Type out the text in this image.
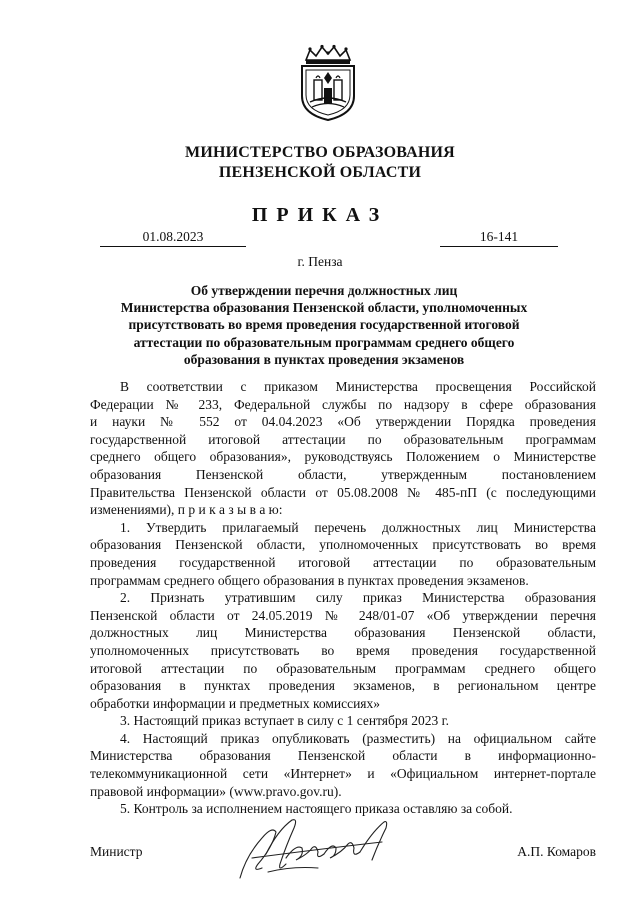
МИНИСТЕРСТВО ОБРАЗОВАНИЯ
ПЕНЗЕНСКОЙ ОБЛАСТИ
ПРИКАЗ
01.08.2023	16-141
г. Пенза
Об утверждении перечня должностных лиц
Министерства образования Пензенской области, уполномоченных
присутствовать во время проведения государственной итоговой
аттестации по образовательным программам среднего общего
образования в пунктах проведения экзаменов
В соответствии с приказом Министерства просвещения Российской
Федерации № 233, Федеральной службы по надзору в сфере образования
и науки № 552 от 04.04.2023 «Об утверждении Порядка проведения
государственной итоговой аттестации по образовательным программам
среднего общего образования», руководствуясь Положением о Министерстве
образования Пензенской области, утвержденным постановлением
Правительства Пензенской области от 05.08.2008 № 485-пП (с последующими
изменениями), п р и к а з ы в а ю:
1. Утвердить прилагаемый перечень должностных лиц Министерства
образования Пензенской области, уполномоченных присутствовать во время
проведения государственной итоговой аттестации по образовательным
программам среднего общего образования в пунктах проведения экзаменов.
2. Признать утратившим силу приказ Министерства образования
Пензенской области от 24.05.2019 № 248/01-07 «Об утверждении перечня
должностных лиц Министерства образования Пензенской области,
уполномоченных присутствовать во время проведения государственной
итоговой аттестации по образовательным программам среднего общего
образования в пунктах проведения экзаменов, в региональном центре
обработки информации и предметных комиссиях»
3. Настоящий приказ вступает в силу с 1 сентября 2023 г.
4. Настоящий приказ опубликовать (разместить) на официальном сайте
Министерства образования Пензенской области в информационно-
телекоммуникационной сети «Интернет» и «Официальном интернет-портале
правовой информации» (www.pravo.gov.ru).
5. Контроль за исполнением настоящего приказа оставляю за собой.
Министр	А.П. Комаров
